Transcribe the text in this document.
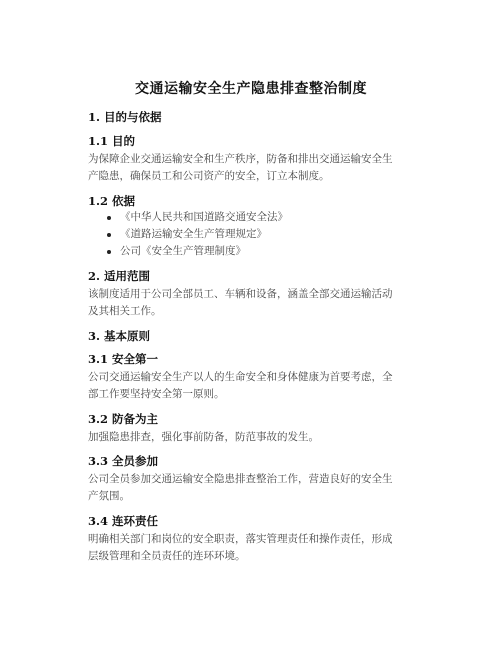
交通运输安全生产隐患排查整治制度
1. 目的与依据
1.1 目的
为保障企业交通运输安全和生产秩序，防备和排出交通运输安全生
产隐患，确保员工和公司资产的安全，订立本制度。
1.2 依据
《中华人民共和国道路交通安全法》
《道路运输安全生产管理规定》
公司《安全生产管理制度》
2. 适用范围
该制度适用于公司全部员工、车辆和设备，涵盖全部交通运输活动
及其相关工作。
3. 基本原则
3.1 安全第一
公司交通运输安全生产以人的生命安全和身体健康为首要考虑，全
部工作要坚持安全第一原则。
3.2 防备为主
加强隐患排查，强化事前防备，防范事故的发生。
3.3 全员参加
公司全员参加交通运输安全隐患排查整治工作，营造良好的安全生
产氛围。
3.4 连环责任
明确相关部门和岗位的安全职责，落实管理责任和操作责任，形成
层级管理和全员责任的连环环境。
